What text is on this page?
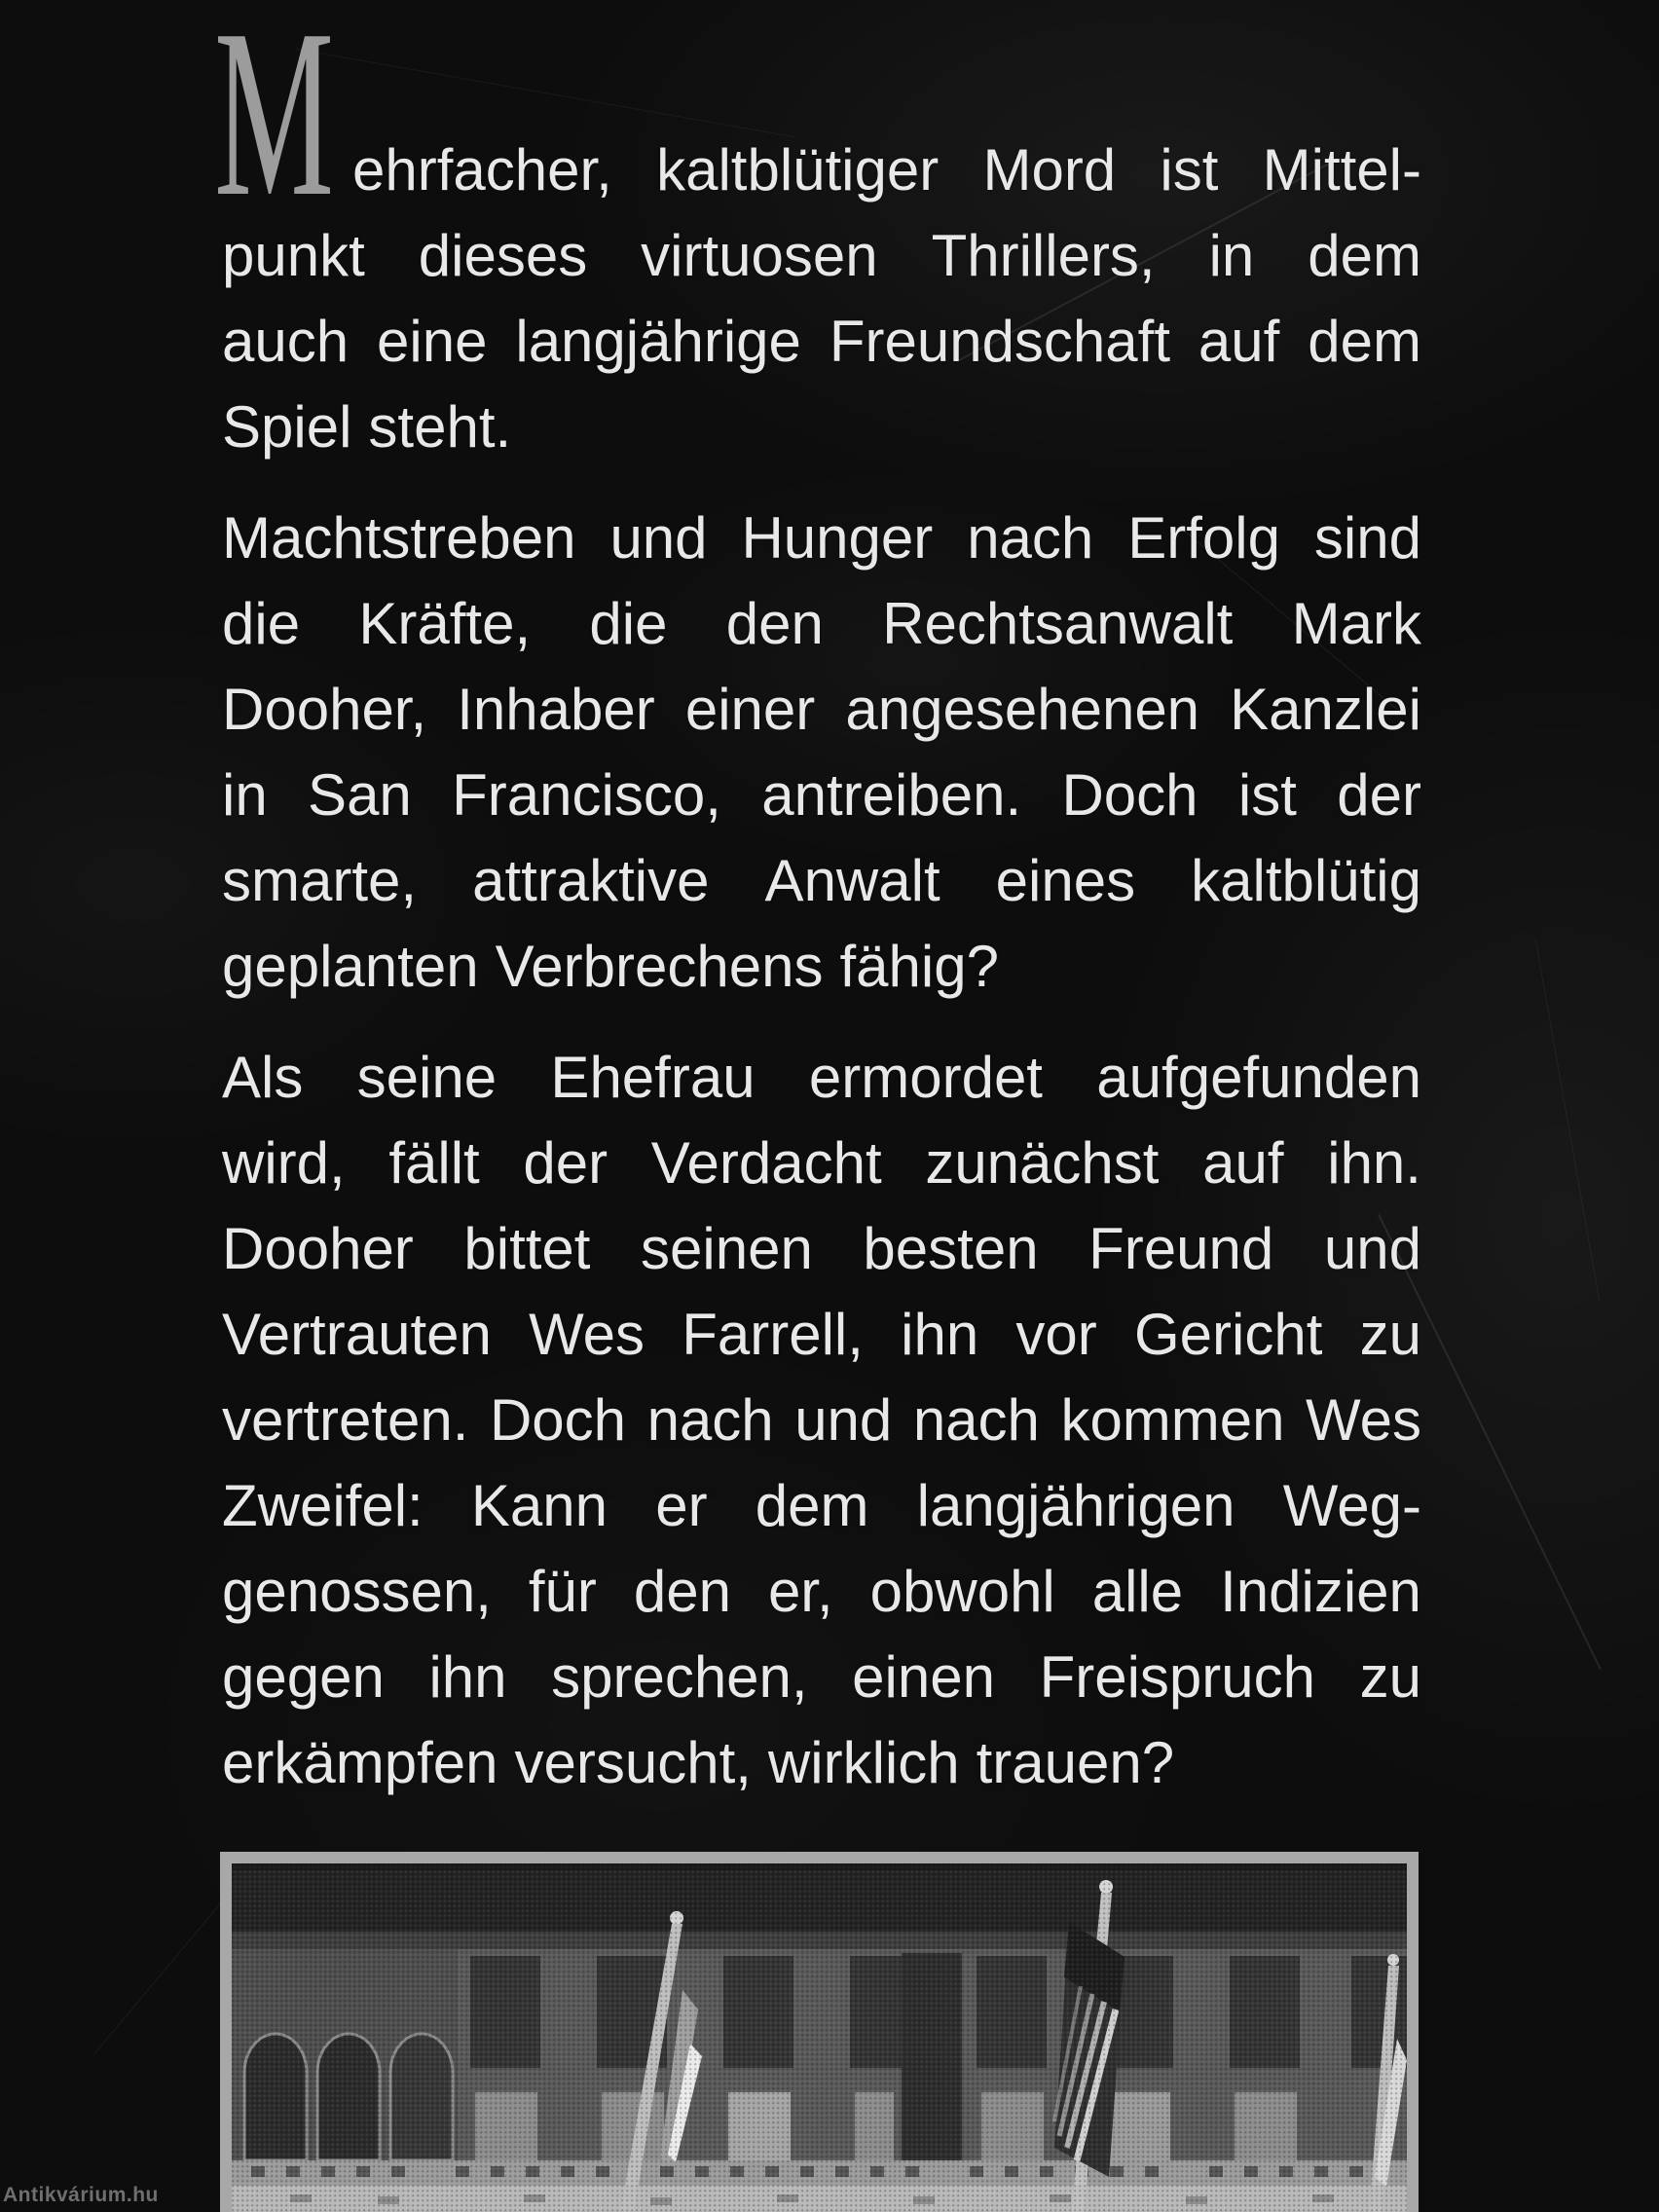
M ehrfacher, kaltblütiger Mord ist Mittel-
punkt dieses virtuosen Thrillers, in dem
auch eine langjährige Freundschaft auf dem
Spiel steht.
Machtstreben und Hunger nach Erfolg sind
die Kräfte, die den Rechtsanwalt Mark
Dooher, Inhaber einer angesehenen Kanzlei
in San Francisco, antreiben. Doch ist der
smarte, attraktive Anwalt eines kaltblütig
geplanten Verbrechens fähig?
Als seine Ehefrau ermordet aufgefunden
wird, fällt der Verdacht zunächst auf ihn.
Dooher bittet seinen besten Freund und
Vertrauten Wes Farrell, ihn vor Gericht zu
vertreten. Doch nach und nach kommen Wes
Zweifel: Kann er dem langjährigen Weg-
genossen, für den er, obwohl alle Indizien
gegen ihn sprechen, einen Freispruch zu
erkämpfen versucht, wirklich trauen?
Antikvárium.hu
